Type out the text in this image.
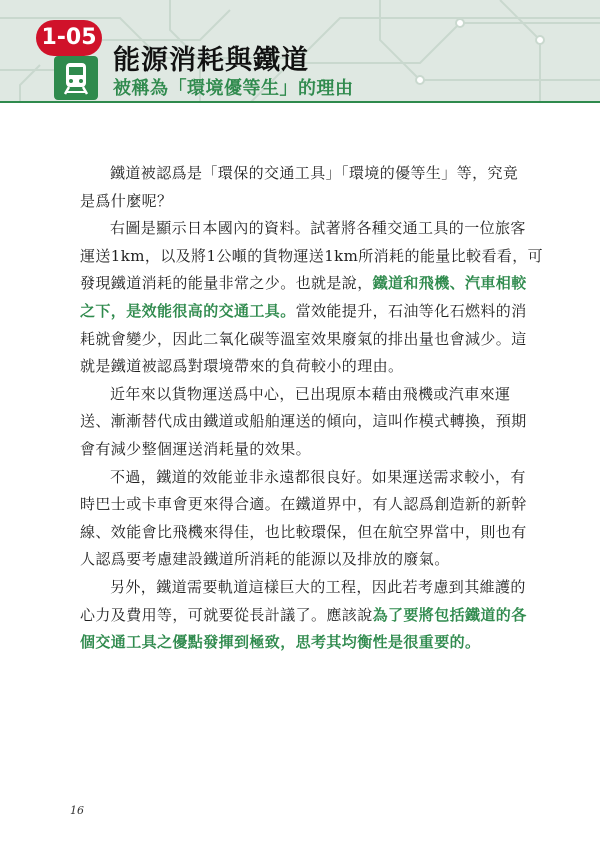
1-05
能源消耗與鐵道
被稱為「環境優等生」的理由
鐵道被認爲是「環保的交通工具」「環境的優等生」等，究竟
是爲什麼呢？
右圖是顯示日本國內的資料。試著將各種交通工具的一位旅客
運送1km，以及將1公噸的貨物運送1km所消耗的能量比較看看，可
發現鐵道消耗的能量非常之少。也就是說，鐵道和飛機、汽車相較
之下，是效能很高的交通工具。當效能提升，石油等化石燃料的消
耗就會變少，因此二氧化碳等溫室效果廢氣的排出量也會減少。這
就是鐵道被認爲對環境帶來的負荷較小的理由。
近年來以貨物運送爲中心，已出現原本藉由飛機或汽車來運
送、漸漸替代成由鐵道或船舶運送的傾向，這叫作模式轉換，預期
會有減少整個運送消耗量的效果。
不過，鐵道的效能並非永遠都很良好。如果運送需求較小，有
時巴士或卡車會更來得合適。在鐵道界中，有人認爲創造新的新幹
線、效能會比飛機來得佳，也比較環保，但在航空界當中，則也有
人認爲要考慮建設鐵道所消耗的能源以及排放的廢氣。
另外，鐵道需要軌道這樣巨大的工程，因此若考慮到其維護的
心力及費用等，可就要從長計議了。應該說為了要將包括鐵道的各
個交通工具之優點發揮到極致，思考其均衡性是很重要的。
16
